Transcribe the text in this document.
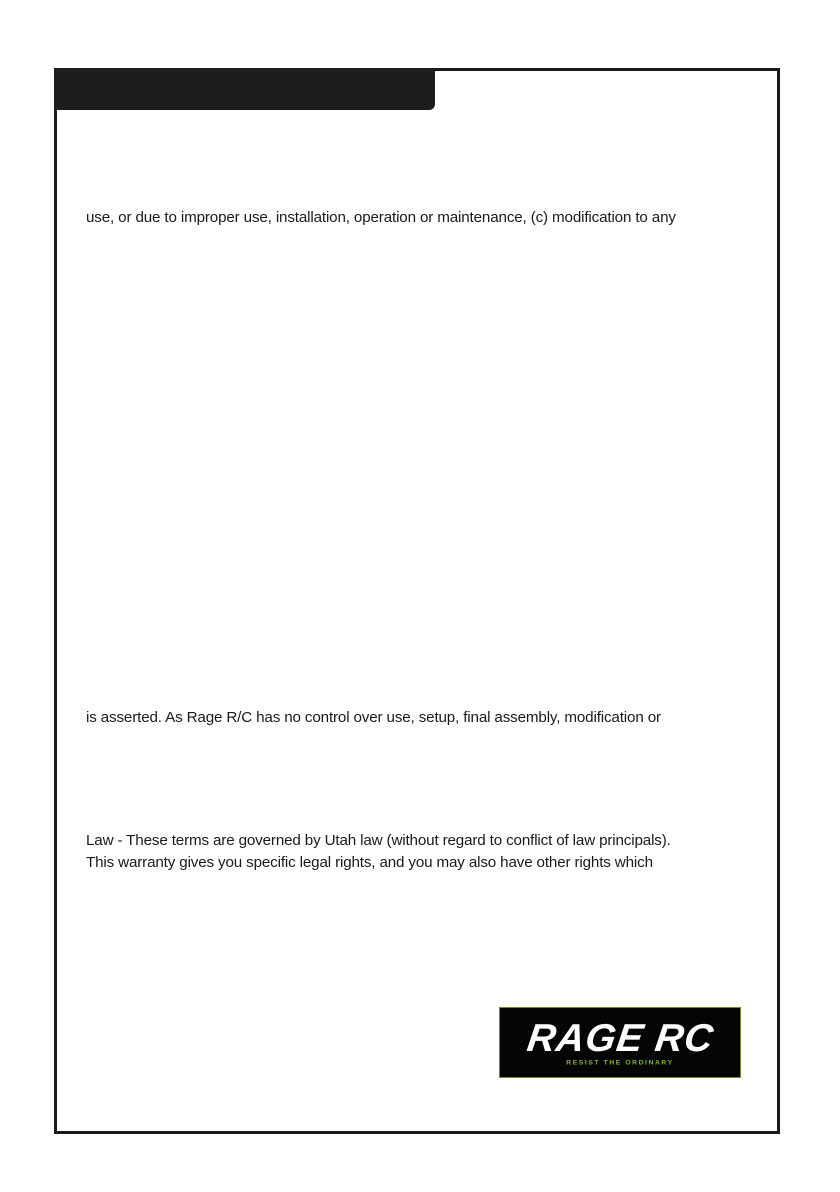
use, or due to improper use, installation, operation or maintenance, (c) modification to any
is asserted. As Rage R/C has no control over use, setup, final assembly, modification or
Law - These terms are governed by Utah law (without regard to conflict of law principals).
This warranty gives you specific legal rights, and you may also have other rights which
RAGE RC
RESIST THE ORDINARY
